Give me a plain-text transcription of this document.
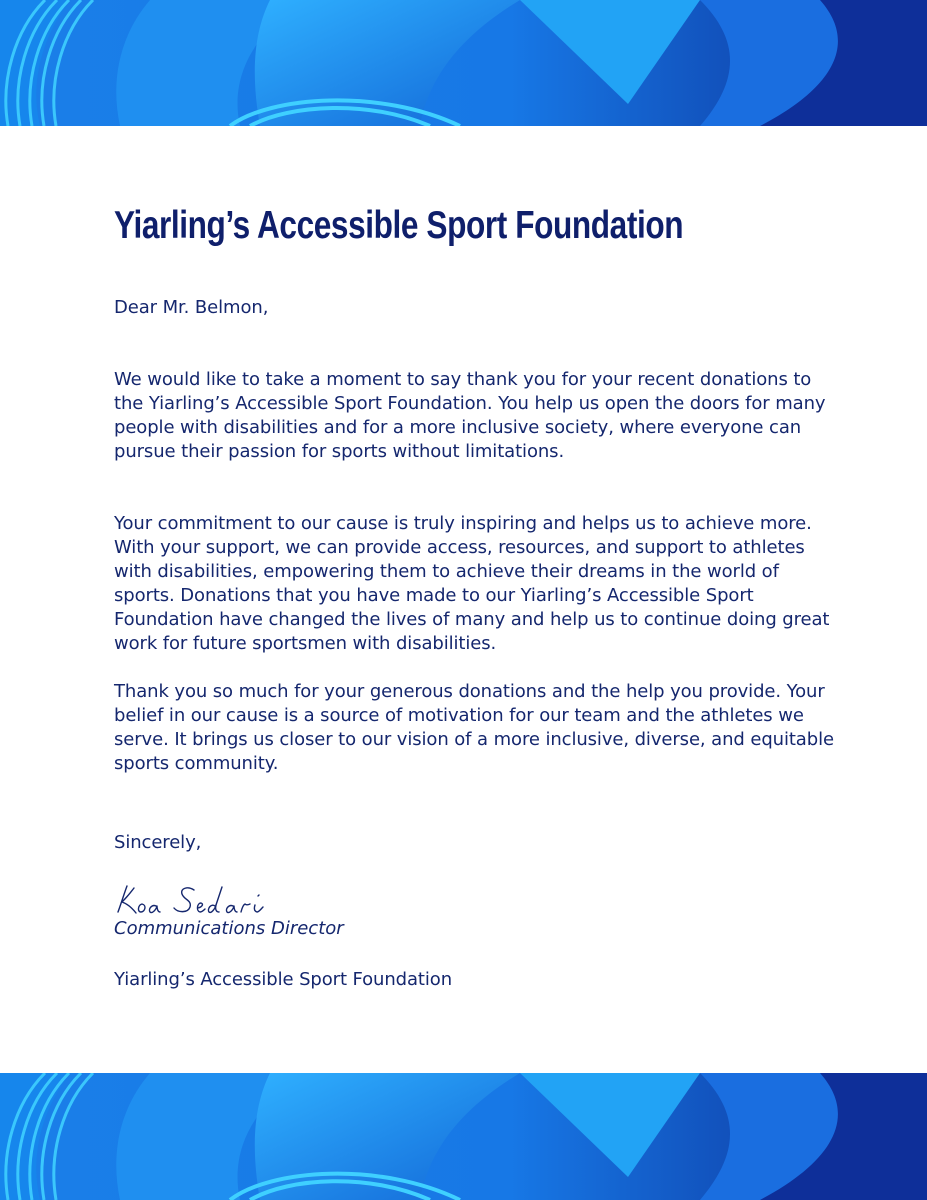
Yiarling’s Accessible Sport Foundation

Dear Mr. Belmon,

We would like to take a moment to say thank you for your recent donations to the Yiarling’s Accessible Sport Foundation. You help us open the doors for many people with disabilities and for a more inclusive society, where everyone can pursue their passion for sports without limitations.

Your commitment to our cause is truly inspiring and helps us to achieve more. With your support, we can provide access, resources, and support to athletes with disabilities, empowering them to achieve their dreams in the world of sports. Donations that you have made to our Yiarling’s Accessible Sport Foundation have changed the lives of many and help us to continue doing great work for future sportsmen with disabilities.

Thank you so much for your generous donations and the help you provide. Your belief in our cause is a source of motivation for our team and the athletes we serve. It brings us closer to our vision of a more inclusive, diverse, and equitable sports community.

Sincerely,

Communications Director

Yiarling’s Accessible Sport Foundation
